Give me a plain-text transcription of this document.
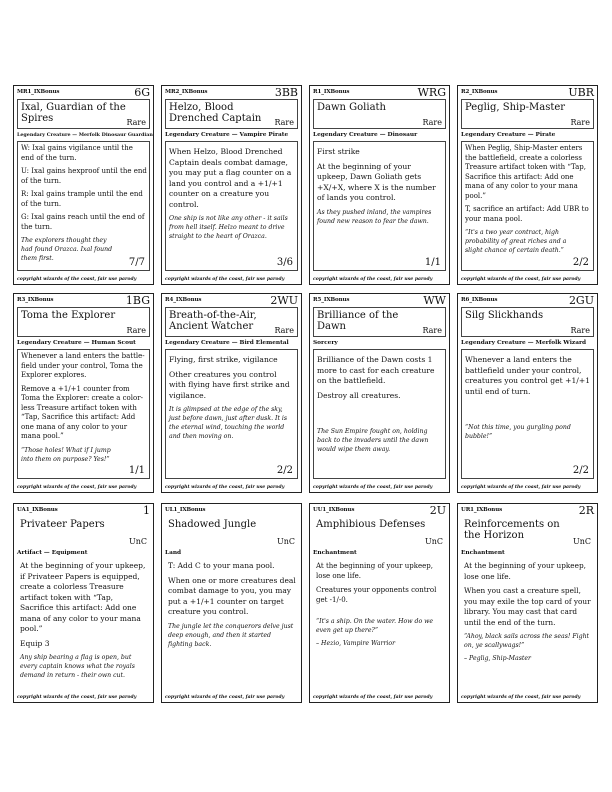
MR1_IXBonus	6G
Ixal, Guardian of the Spires	Rare
Legendary Creature — Merfolk Dinosaur Guardian

W: Ixal gains vigilance until the end of the turn.

U: Ixal gains hexproof until the end of the turn.

R: Ixal gains trample until the end of the turn.

G: Ixal gains reach until the end of the turn.

The explorers thought they had found Orazca. Ixal found them first.	7/7
copyright wizards of the coast, fair use parody
MR2_IXBonus	3BB
Helzo, Blood Drenched Captain	Rare
Legendary Creature — Vampire Pirate

When Helzo, Blood Drenched Captain deals combat damage, you may put a flag counter on a land you control and a +1/+1 counter on a creature you control.

One ship is not like any other - it sails from hell itself. Helzo meant to drive straight to the heart of Orazca.

3/6
copyright wizards of the coast, fair use parody
R1_IXBonus	WRG
Dawn Goliath
Rare
Legendary Creature — Dinosaur

First strike

At the beginning of your upkeep, Dawn Goliath gets +X/+X, where X is the number of lands you control.

As they pushed inland, the vampires found new reason to fear the dawn.

1/1
copyright wizards of the coast, fair use parody
R2_IXBonus	UBR
Peglig, Ship-Master
Rare
Legendary Creature — Pirate

When Peglig, Ship-Master enters the battlefield, create a colorless Treasure artifact token with “Tap, Sacrifice this artifact: Add one mana of any color to your mana pool.”

T, sacrifice an artifact: Add UBR to your mana pool.

“It's a two year contract, high probability of great riches and a slight chance of certain death.”

2/2
copyright wizards of the coast, fair use parody
R3_IXBonus	1BG
Toma the Explorer
Rare
Legendary Creature — Human Scout

Whenever a land enters the battle-field under your control, Toma the Explorer explores.

Remove a +1/+1 counter from Toma the Explorer: create a color-less Treasure artifact token with “Tap, Sacrifice this artifact: Add one mana of any color to your mana pool.”

“Those holes! What if I jump into them on purpose? Yes!”

1/1
copyright wizards of the coast, fair use parody
R4_IXBonus	2WU
Breath-of-the-Air, Ancient Watcher	Rare
Legendary Creature — Bird Elemental

Flying, first strike, vigilance

Other creatures you control with flying have first strike and vigilance.

It is glimpsed at the edge of the sky, just before dawn, just after dusk. It is the eternal wind, touching the world and then moving on.

2/2
copyright wizards of the coast, fair use parody
R5_IXBonus	WW
Brilliance of the Dawn	Rare
Sorcery

Brilliance of the Dawn costs 1 more to cast for each creature on the battlefield.

Destroy all creatures.

The Sun Empire fought on, holding back to the invaders until the dawn would wipe them away.

copyright wizards of the coast, fair use parody
R6_IXBonus	2GU
Silg Slickhands
Rare
Legendary Creature — Merfolk Wizard

Whenever a land enters the battlefield under your control, creatures you control get +1/+1 until end of turn.

“Not this time, you gurgling pond bubble!”

2/2
copyright wizards of the coast, fair use parody
UA1_IXBonus	1
Privateer Papers
UnC
Artifact — Equipment

At the beginning of your upkeep, if Privateer Papers is equipped, create a colorless Treasure artifact token with “Tap, Sacrifice this artifact: Add one mana of any color to your mana pool.”

Equip 3

Any ship bearing a flag is open, but every captain knows what the royals demand in return - their own cut.

copyright wizards of the coast, fair use parody
UL1_IXBonus
Shadowed Jungle
UnC
Land

T: Add C to your mana pool.

When one or more creatures deal combat damage to you, you may put a +1/+1 counter on target creature you control.

The jungle let the conquerors delve just deep enough, and then it started fighting back.

copyright wizards of the coast, fair use parody
UU1_IXBonus	2U
Amphibious Defenses
UnC
Enchantment

At the beginning of your upkeep, lose one life.

Creatures your opponents control get -1/-0.

“It's a ship. On the water. How do we even get up there?”

– Hezio, Vampire Warrior

copyright wizards of the coast, fair use parody
UR1_IXBonus	2R
Reinforcements on the Horizon
UnC
Enchantment

At the beginning of your upkeep, lose one life.

When you cast a creature spell, you may exile the top card of your library. You may cast that card until the end of the turn.

“Ahoy, black sails across the seas! Fight on, ye scallywags!”

– Peglig, Ship-Master

copyright wizards of the coast, fair use parody
